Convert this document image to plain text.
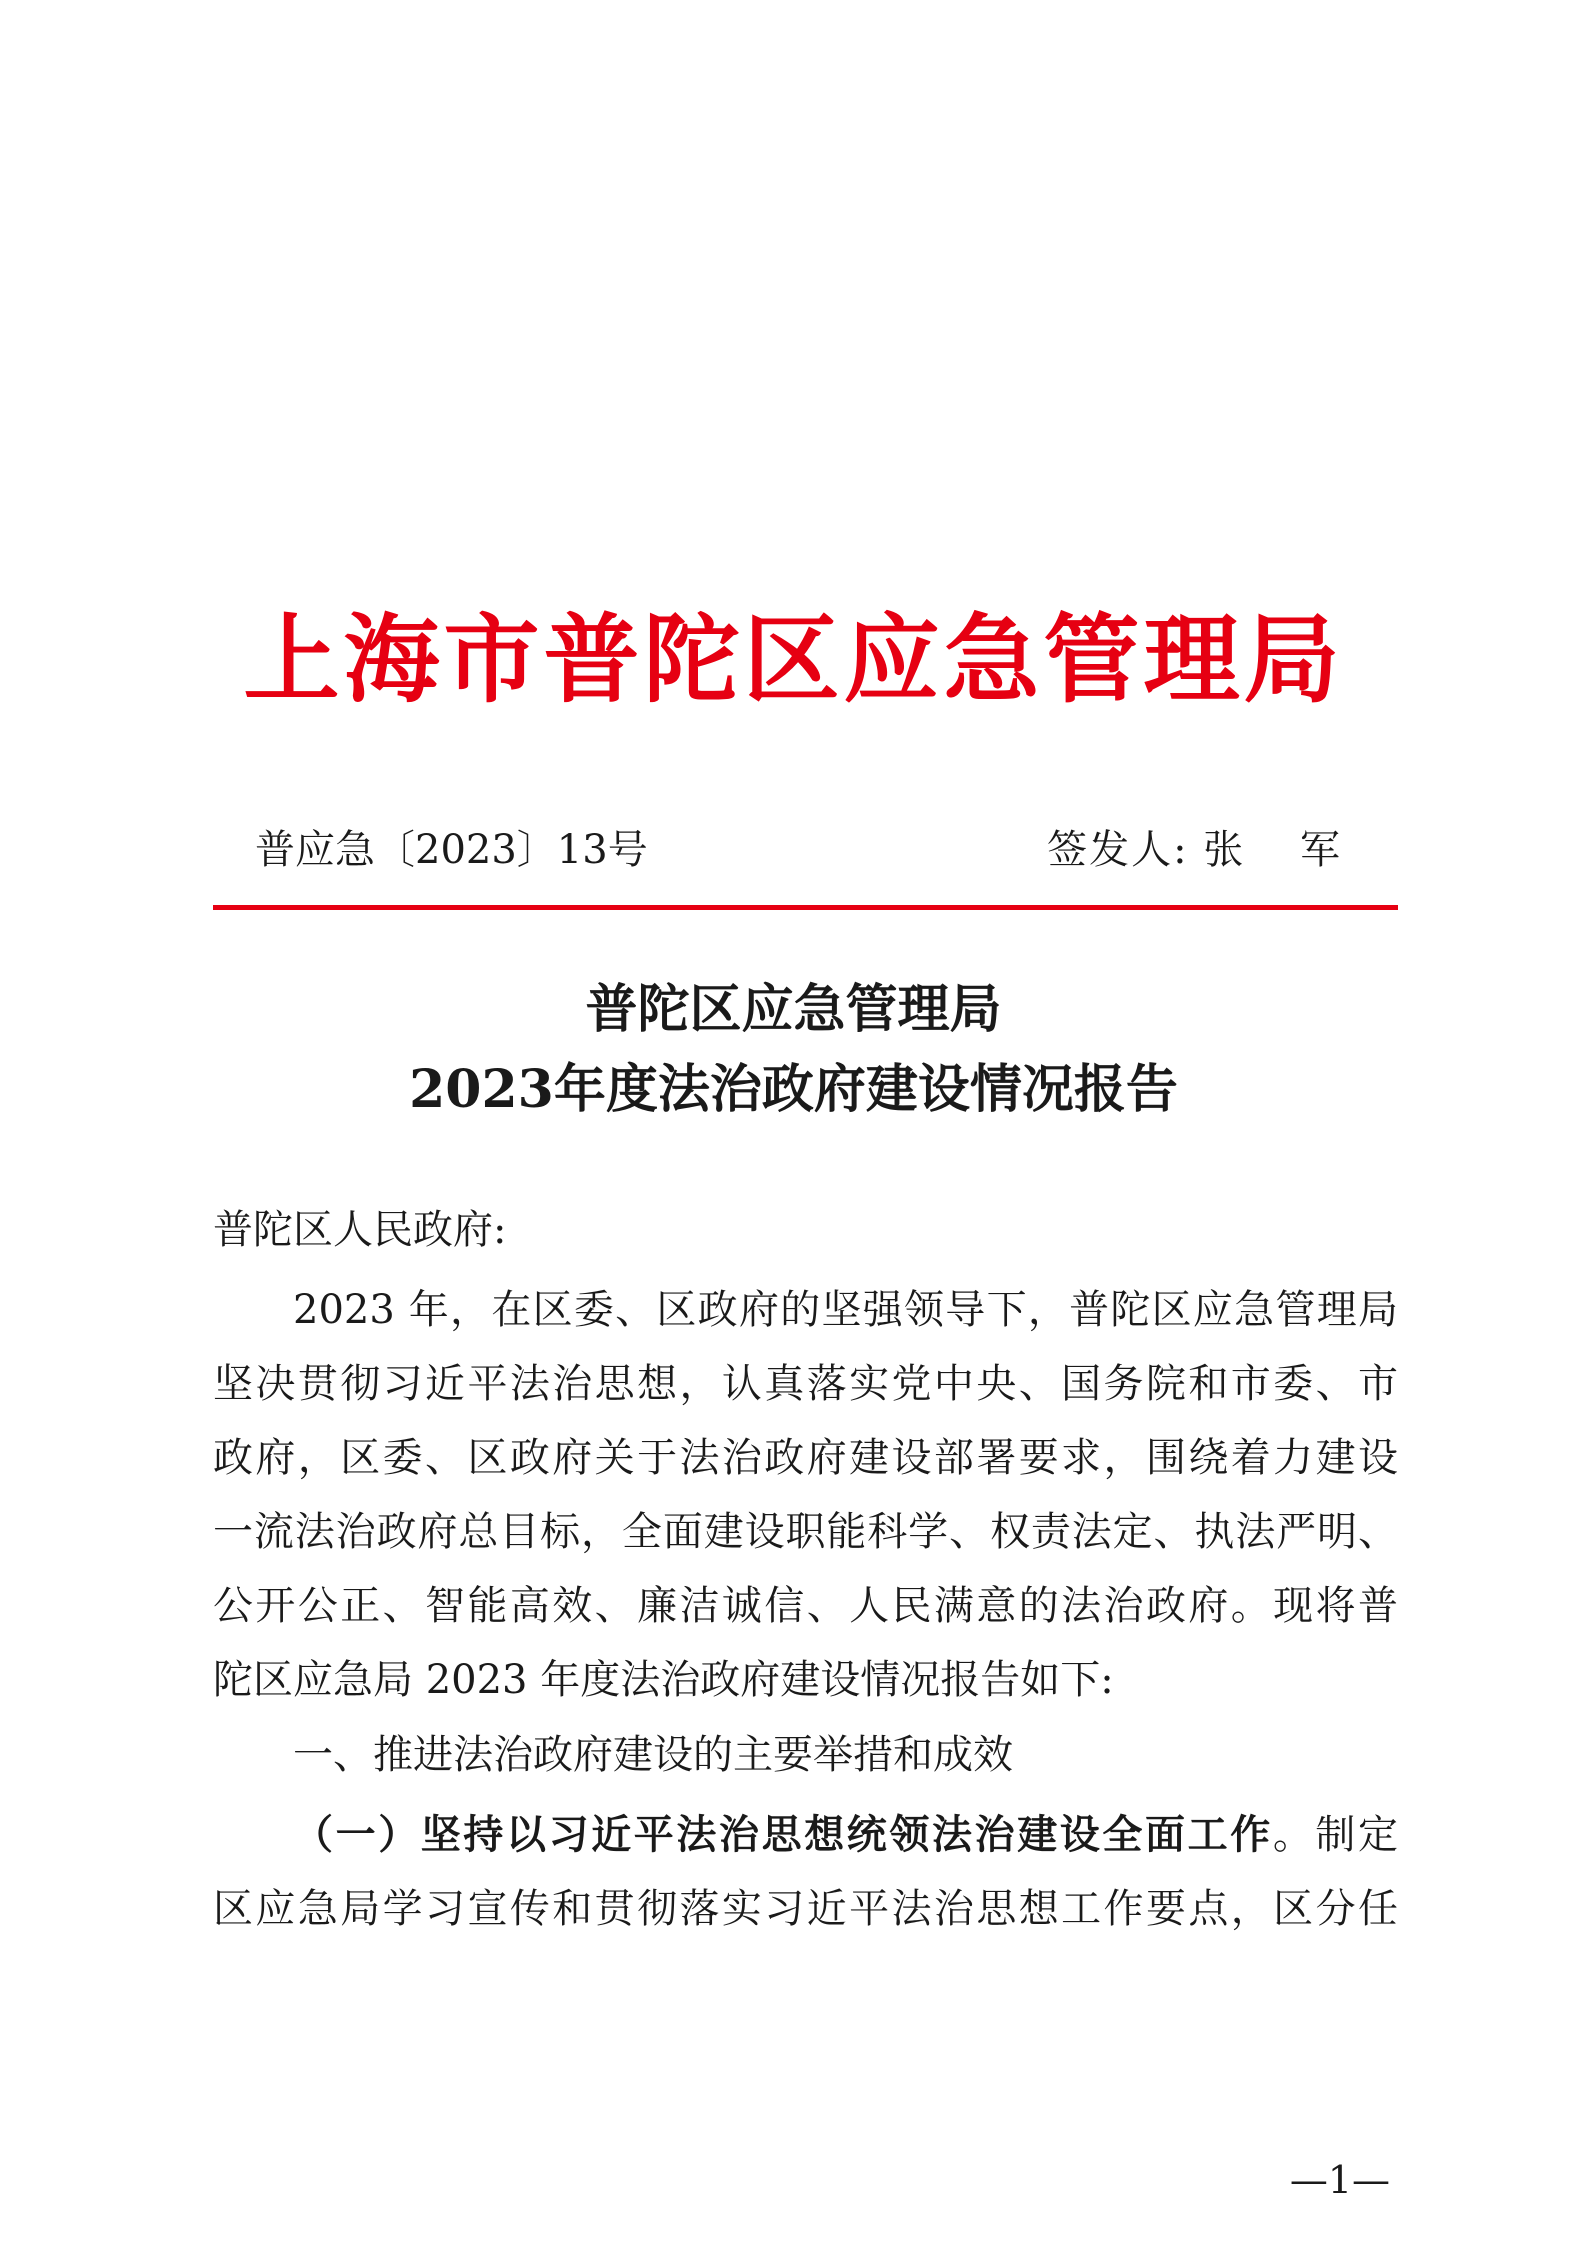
上海市普陀区应急管理局
普应急〔2023〕13号	签发人: 张 军
普陀区应急管理局
2023年度法治政府建设情况报告
普陀区人民政府:
2023 年，在区委、区政府的坚强领导下，普陀区应急管理局
坚决贯彻习近平法治思想，认真落实党中央、国务院和市委、市
政府，区委、区政府关于法治政府建设部署要求，围绕着力建设
一流法治政府总目标，全面建设职能科学、权责法定、执法严明、
公开公正、智能高效、廉洁诚信、人民满意的法治政府。现将普
陀区应急局 2023 年度法治政府建设情况报告如下:
一、推进法治政府建设的主要举措和成效
（一）坚持以习近平法治思想统领法治建设全面工作。制定
区应急局学习宣传和贯彻落实习近平法治思想工作要点，区分任
—1—
